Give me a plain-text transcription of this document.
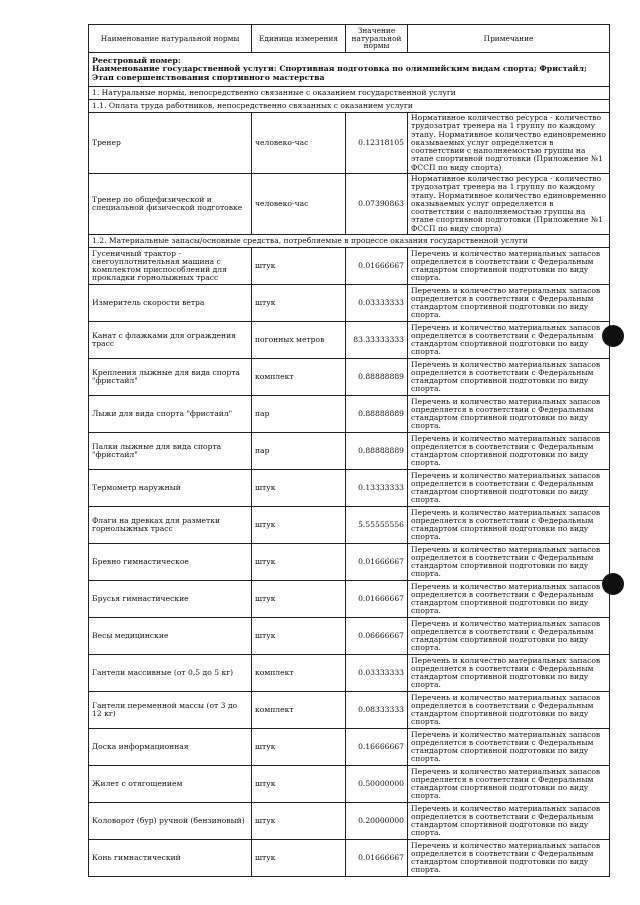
Наименование натуральной нормы	Единица измерения	Значение натуральной нормы	Примечание

Реестровый номер:
Наименование государственной услуги: Спортивная подготовка по олимпийским видам спорта; Фристайл; Этап совершенствования спортивного мастерства			

1. Натуральные нормы, непосредственно связанные с оказанием государственной услуги			
1.1. Оплата труда работников, непосредственно связанных с оказанием услуги			
Тренер	человеко-час	0.12318105	Нормативное количество ресурса - количество трудозатрат тренера на 1 группу по каждому этапу. Нормативное количество единовременно оказываемых услуг определяется в соответствии с наполняемостью группы на этапе спортивной подготовки (Приложение №1 ФССП по виду спорта)
Тренер по общефизической и специальной физической подготовке	человеко-час	0.07390863	Нормативное количество ресурса - количество трудозатрат тренера на 1 группу по каждому этапу. Нормативное количество единовременно оказываемых услуг определяется в соответствии с наполняемостью группы на этапе спортивной подготовки (Приложение №1 ФССП по виду спорта)
1.2. Материальные запасы/основные средства, потребляемые в процессе оказания государственной услуги			
Гусеничный трактор - снегоуплотнительная машина с комплектом приспособлений для прокладки горнолыжных трасс	штук	0.01666667	Перечень и количество материальных запасов определяется в соответствии с Федеральным стандартом спортивной подготовки по виду спорта.
Измеритель скорости ветра	штук	0.03333333	Перечень и количество материальных запасов определяется в соответствии с Федеральным стандартом спортивной подготовки по виду спорта.
Канат с флажками для ограждения трасс	погонных метров	83.33333333	Перечень и количество материальных запасов определяется в соответствии с Федеральным стандартом спортивной подготовки по виду спорта.
Крепления лыжные для вида спорта "фристайл"	комплект	0.88888889	Перечень и количество материальных запасов определяется в соответствии с Федеральным стандартом спортивной подготовки по виду спорта.
Лыжи для вида спорта "фристайл"	пар	0.88888889	Перечень и количество материальных запасов определяется в соответствии с Федеральным стандартом спортивной подготовки по виду спорта.
Палки лыжные для вида спорта "фристайл"	пар	0.88888889	Перечень и количество материальных запасов определяется в соответствии с Федеральным стандартом спортивной подготовки по виду спорта.
Термометр наружный	штук	0.13333333	Перечень и количество материальных запасов определяется в соответствии с Федеральным стандартом спортивной подготовки по виду спорта.
Флаги на древках для разметки горнолыжных трасс	штук	5.55555556	Перечень и количество материальных запасов определяется в соответствии с Федеральным стандартом спортивной подготовки по виду спорта.
Бревно гимнастическое	штук	0.01666667	Перечень и количество материальных запасов определяется в соответствии с Федеральным стандартом спортивной подготовки по виду спорта.
Брусья гимнастические	штук	0.01666667	Перечень и количество материальных запасов определяется в соответствии с Федеральным стандартом спортивной подготовки по виду спорта.
Весы медицинские	штук	0.06666667	Перечень и количество материальных запасов определяется в соответствии с Федеральным стандартом спортивной подготовки по виду спорта.
Гантели массивные (от 0,5 до 5 кг)	комплект	0.03333333	Перечень и количество материальных запасов определяется в соответствии с Федеральным стандартом спортивной подготовки по виду спорта.
Гантели переменной массы (от 3 до 12 кг)	комплект	0.08333333	Перечень и количество материальных запасов определяется в соответствии с Федеральным стандартом спортивной подготовки по виду спорта.
Доска информационная	штук	0.16666667	Перечень и количество материальных запасов определяется в соответствии с Федеральным стандартом спортивной подготовки по виду спорта.
Жилет с отягощением	штук	0.50000000	Перечень и количество материальных запасов определяется в соответствии с Федеральным стандартом спортивной подготовки по виду спорта.
Коловорот (бур) ручной (бензиновый)	штук	0.20000000	Перечень и количество материальных запасов определяется в соответствии с Федеральным стандартом спортивной подготовки по виду спорта.
Конь гимнастический	штук	0.01666667	Перечень и количество материальных запасов определяется в соответствии с Федеральным стандартом спортивной подготовки по виду спорта.
